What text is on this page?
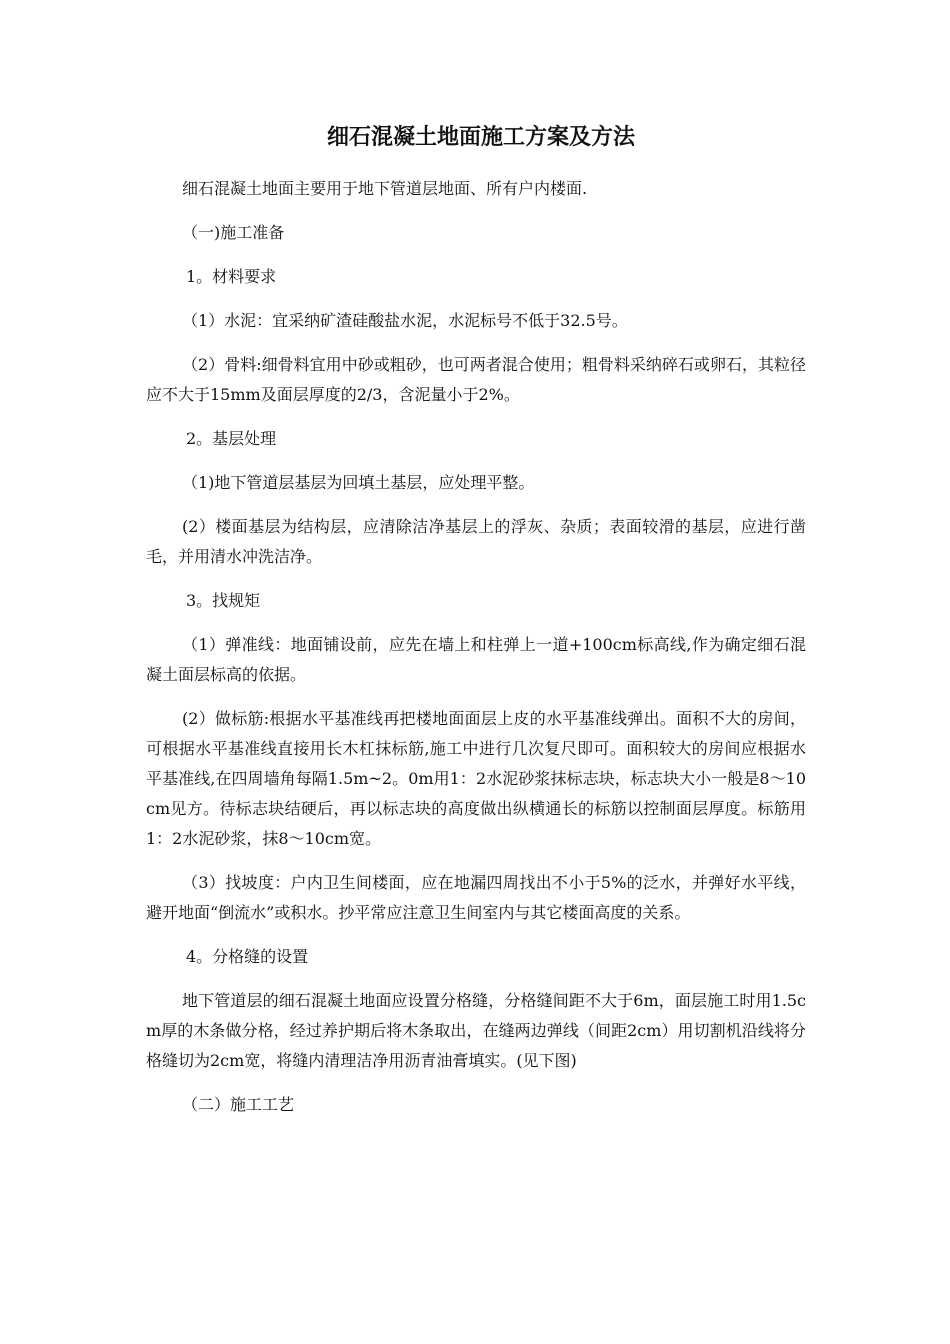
细石混凝土地面施工方案及方法

细石混凝土地面主要用于地下管道层地面、所有户内楼面.

（一)施工准备

1。材料要求

（1）水泥：宜采纳矿渣硅酸盐水泥，水泥标号不低于32.5号。

（2）骨料:细骨料宜用中砂或粗砂，也可两者混合使用；粗骨料采纳碎石或卵石，其粒径应不大于15mm及面层厚度的2/3，含泥量小于2%。

2。基层处理

（1)地下管道层基层为回填土基层，应处理平整。

(2）楼面基层为结构层，应清除洁净基层上的浮灰、杂质；表面较滑的基层，应进行凿毛，并用清水冲洗洁净。

3。找规矩

（1）弹准线：地面铺设前，应先在墙上和柱弹上一道+100cm标高线,作为确定细石混凝土面层标高的依据。

(2）做标筋:根据水平基准线再把楼地面面层上皮的水平基准线弹出。面积不大的房间，可根据水平基准线直接用长木杠抹标筋,施工中进行几次复尺即可。面积较大的房间应根据水平基准线,在四周墙角每隔1.5m~2。0m用1：2水泥砂浆抹标志块，标志块大小一般是8～10cm见方。待标志块结硬后，再以标志块的高度做出纵横通长的标筋以控制面层厚度。标筋用1：2水泥砂浆，抹8～10cm宽。

（3）找坡度：户内卫生间楼面，应在地漏四周找出不小于5%的泛水，并弹好水平线，避开地面“倒流水”或积水。抄平常应注意卫生间室内与其它楼面高度的关系。

4。分格缝的设置

地下管道层的细石混凝土地面应设置分格缝，分格缝间距不大于6m，面层施工时用1.5cm厚的木条做分格，经过养护期后将木条取出，在缝两边弹线（间距2cm）用切割机沿线将分格缝切为2cm宽，将缝内清理洁净用沥青油膏填实。(见下图)

（二）施工工艺
